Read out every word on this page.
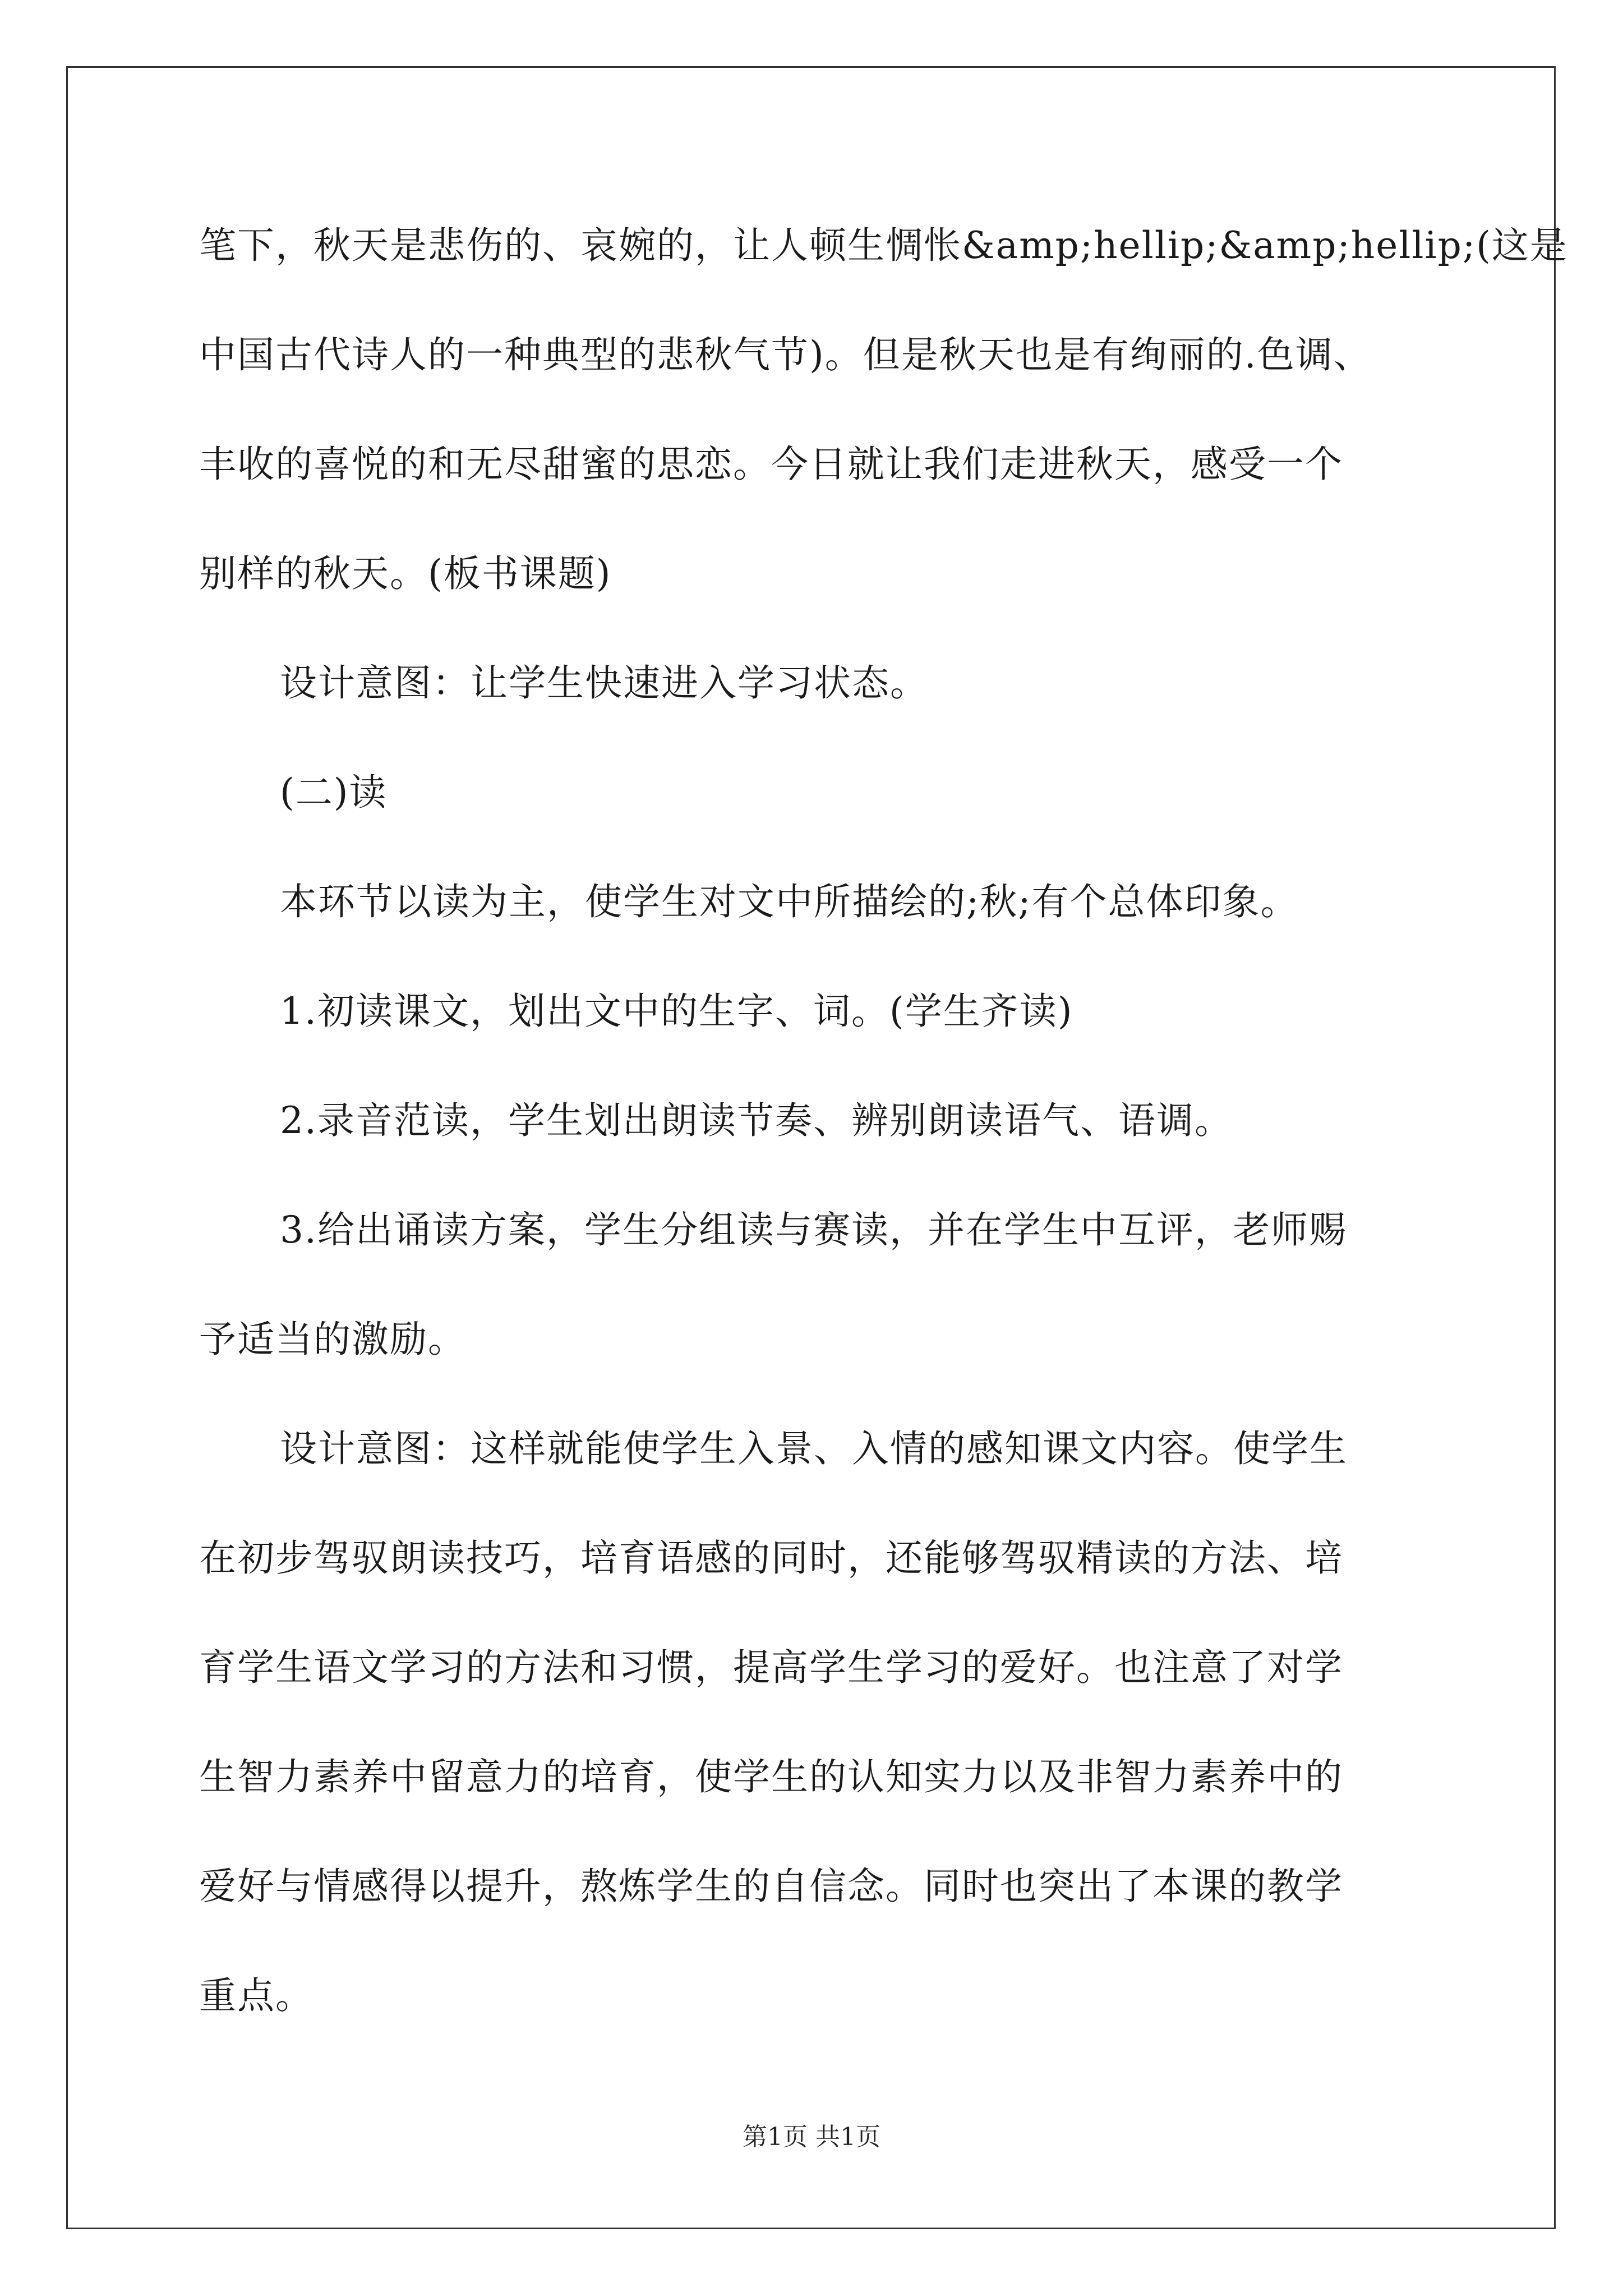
笔下，秋天是悲伤的、哀婉的，让人顿生惆怅&amp;hellip;&amp;hellip;(这是
中国古代诗人的一种典型的悲秋气节)。但是秋天也是有绚丽的.色调、
丰收的喜悦的和无尽甜蜜的思恋。今日就让我们走进秋天，感受一个
别样的秋天。(板书课题)
设计意图：让学生快速进入学习状态。
(二)读
本环节以读为主，使学生对文中所描绘的;秋;有个总体印象。
1.初读课文，划出文中的生字、词。(学生齐读)
2.录音范读，学生划出朗读节奏、辨别朗读语气、语调。
3.给出诵读方案，学生分组读与赛读，并在学生中互评，老师赐
予适当的激励。
设计意图：这样就能使学生入景、入情的感知课文内容。使学生
在初步驾驭朗读技巧，培育语感的同时，还能够驾驭精读的方法、培
育学生语文学习的方法和习惯，提高学生学习的爱好。也注意了对学
生智力素养中留意力的培育，使学生的认知实力以及非智力素养中的
爱好与情感得以提升，熬炼学生的自信念。同时也突出了本课的教学
重点。
第1页 共1页
